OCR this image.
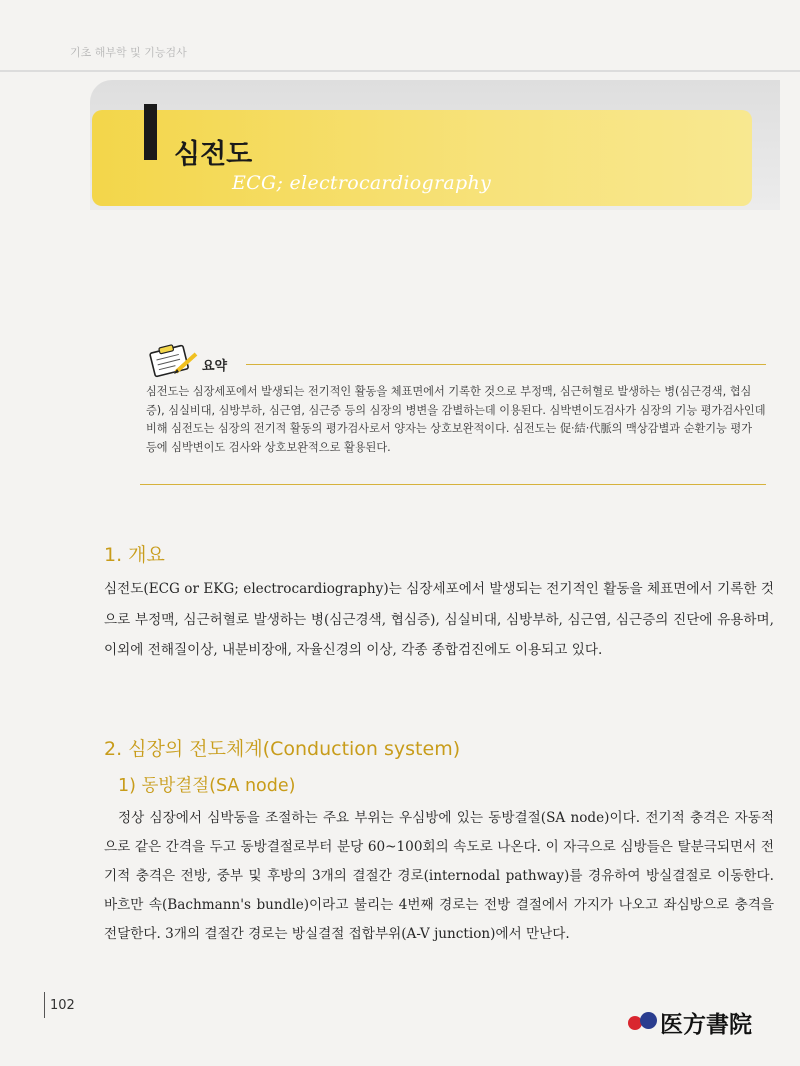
기초 해부학 및 기능검사
심전도
ECG; electrocardiography
요약
심전도는 심장세포에서 발생되는 전기적인 활동을 체표면에서 기록한 것으로 부정맥, 심근허혈로 발생하는 병(심근경색, 협심증), 심실비대, 심방부하, 심근염, 심근증 등의 심장의 병변을 감별하는데 이용된다. 심박변이도검사가 심장의 기능 평가검사인데 비해 심전도는 심장의 전기적 활동의 평가검사로서 양자는 상호보완적이다. 심전도는 促·結·代脈의 맥상감별과 순환기능 평가 등에 심박변이도 검사와 상호보완적으로 활용된다.
1. 개요
심전도(ECG or EKG; electrocardiography)는 심장세포에서 발생되는 전기적인 활동을 체표면에서 기록한 것으로 부정맥, 심근허혈로 발생하는 병(심근경색, 협심증), 심실비대, 심방부하, 심근염, 심근증의 진단에 유용하며, 이외에 전해질이상, 내분비장애, 자율신경의 이상, 각종 종합검진에도 이용되고 있다.
2. 심장의 전도체계(Conduction system)
1) 동방결절(SA node)
정상 심장에서 심박동을 조절하는 주요 부위는 우심방에 있는 동방결절(SA node)이다. 전기적 충격은 자동적으로 같은 간격을 두고 동방결절로부터 분당 60~100회의 속도로 나온다. 이 자극으로 심방들은 탈분극되면서 전기적 충격은 전방, 중부 및 후방의 3개의 결절간 경로(internodal pathway)를 경유하여 방실결절로 이동한다. 바흐만 속(Bachmann's bundle)이라고 불리는 4번째 경로는 전방 결절에서 가지가 나오고 좌심방으로 충격을 전달한다. 3개의 결절간 경로는 방실결절 접합부위(A-V junction)에서 만난다.
102
医方書院
